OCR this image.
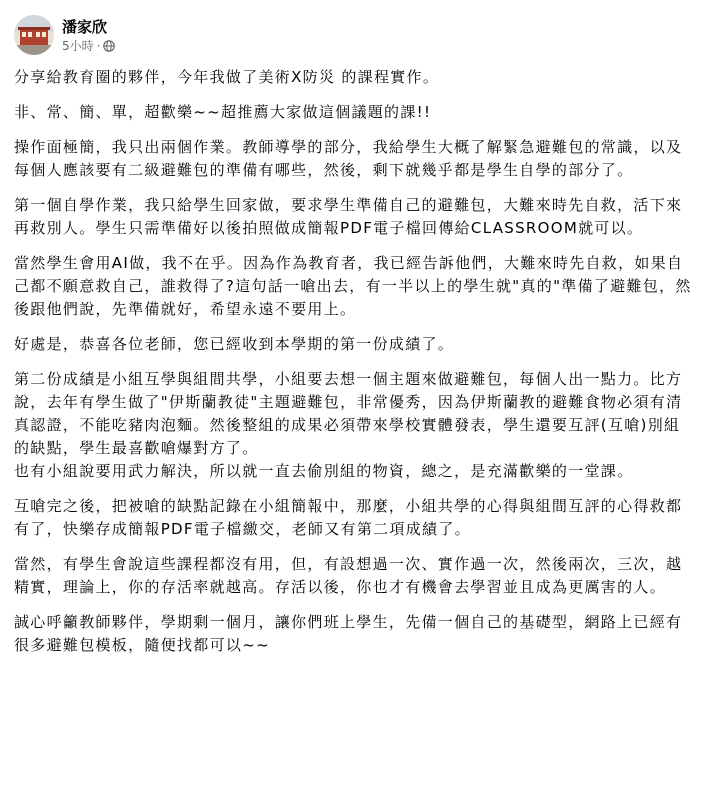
潘家欣
5小時 ·

分享給教育圈的夥伴，今年我做了美術X防災 的課程實作。

非、常、簡、單，超歡樂~~超推薦大家做這個議題的課!!

操作面極簡，我只出兩個作業。教師導學的部分，我給學生大概了解緊急避難包的常識，以及每個人應該要有二級避難包的準備有哪些，然後，剩下就幾乎都是學生自學的部分了。

第一個自學作業，我只給學生回家做，要求學生準備自己的避難包，大難來時先自救，活下來再救別人。學生只需準備好以後拍照做成簡報PDF電子檔回傳給CLASSROOM就可以。

當然學生會用AI做，我不在乎。因為作為教育者，我已經告訴他們，大難來時先自救，如果自己都不願意救自己，誰救得了?這句話一嗆出去，有一半以上的學生就"真的"準備了避難包，然後跟他們說，先準備就好，希望永遠不要用上。

好處是，恭喜各位老師，您已經收到本學期的第一份成績了。

第二份成績是小組互學與組間共學，小組要去想一個主題來做避難包，每個人出一點力。比方說，去年有學生做了"伊斯蘭教徒"主題避難包，非常優秀，因為伊斯蘭教的避難食物必須有清真認證，不能吃豬肉泡麵。然後整組的成果必須帶來學校實體發表，學生還要互評(互嗆)別組的缺點，學生最喜歡嗆爆對方了。

也有小組說要用武力解決，所以就一直去偷別組的物資，總之，是充滿歡樂的一堂課。

互嗆完之後，把被嗆的缺點記錄在小組簡報中，那麼，小組共學的心得與組間互評的心得救都有了，快樂存成簡報PDF電子檔繳交，老師又有第二項成績了。

當然，有學生會說這些課程都沒有用，但，有設想過一次、實作過一次，然後兩次，三次，越精實，理論上，你的存活率就越高。存活以後，你也才有機會去學習並且成為更厲害的人。

誠心呼籲教師夥伴，學期剩一個月，讓你們班上學生，先備一個自己的基礎型，網路上已經有很多避難包模板，隨便找都可以~~
